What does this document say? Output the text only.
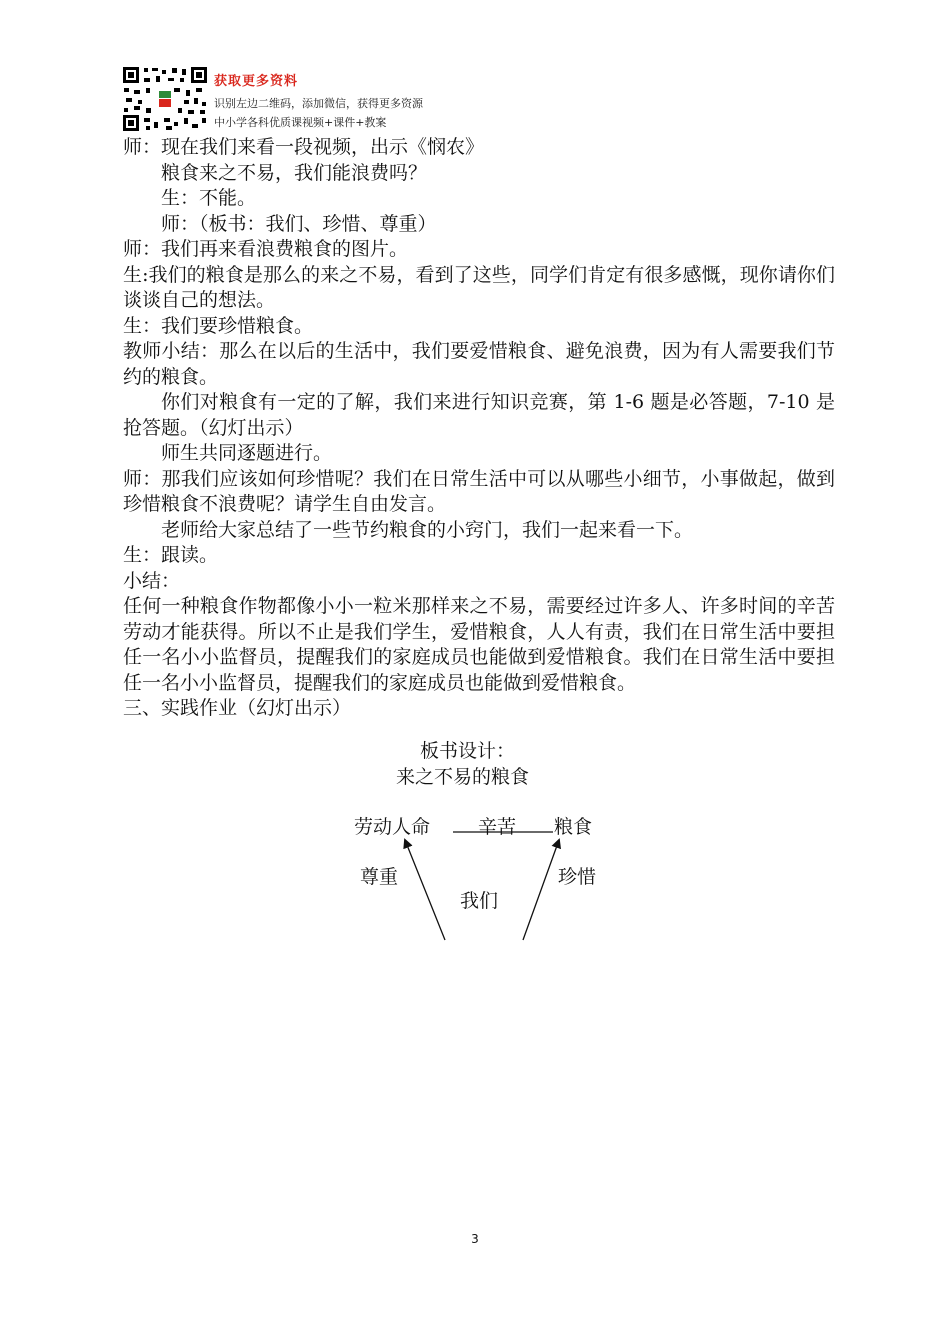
获取更多资料
识别左边二维码，添加微信，获得更多资源
中小学各科优质课视频+课件+教案

师：现在我们来看一段视频，出示《悯农》

粮食来之不易，我们能浪费吗？

生：不能。

师：（板书：我们、珍惜、尊重）

师：我们再来看浪费粮食的图片。

生:我们的粮食是那么的来之不易，看到了这些，同学们肯定有很多感慨，现你请你们谈谈自己的想法。

生：我们要珍惜粮食。

教师小结：那么在以后的生活中，我们要爱惜粮食、避免浪费，因为有人需要我们节约的粮食。

你们对粮食有一定的了解，我们来进行知识竞赛，第 1-6 题是必答题，7-10 是抢答题。（幻灯出示）

师生共同逐题进行。

师：那我们应该如何珍惜呢？我们在日常生活中可以从哪些小细节，小事做起，做到珍惜粮食不浪费呢？请学生自由发言。

老师给大家总结了一些节约粮食的小窍门，我们一起来看一下。

生：跟读。

小结：

任何一种粮食作物都像小小一粒米那样来之不易，需要经过许多人、许多时间的辛苦劳动才能获得。所以不止是我们学生，爱惜粮食，人人有责，我们在日常生活中要担任一名小小监督员，提醒我们的家庭成员也能做到爱惜粮食。我们在日常生活中要担任一名小小监督员，提醒我们的家庭成员也能做到爱惜粮食。

三、实践作业（幻灯出示）

板书设计：
来之不易的粮食
劳动人命	辛苦 粮食
尊重	珍惜
我们
3
